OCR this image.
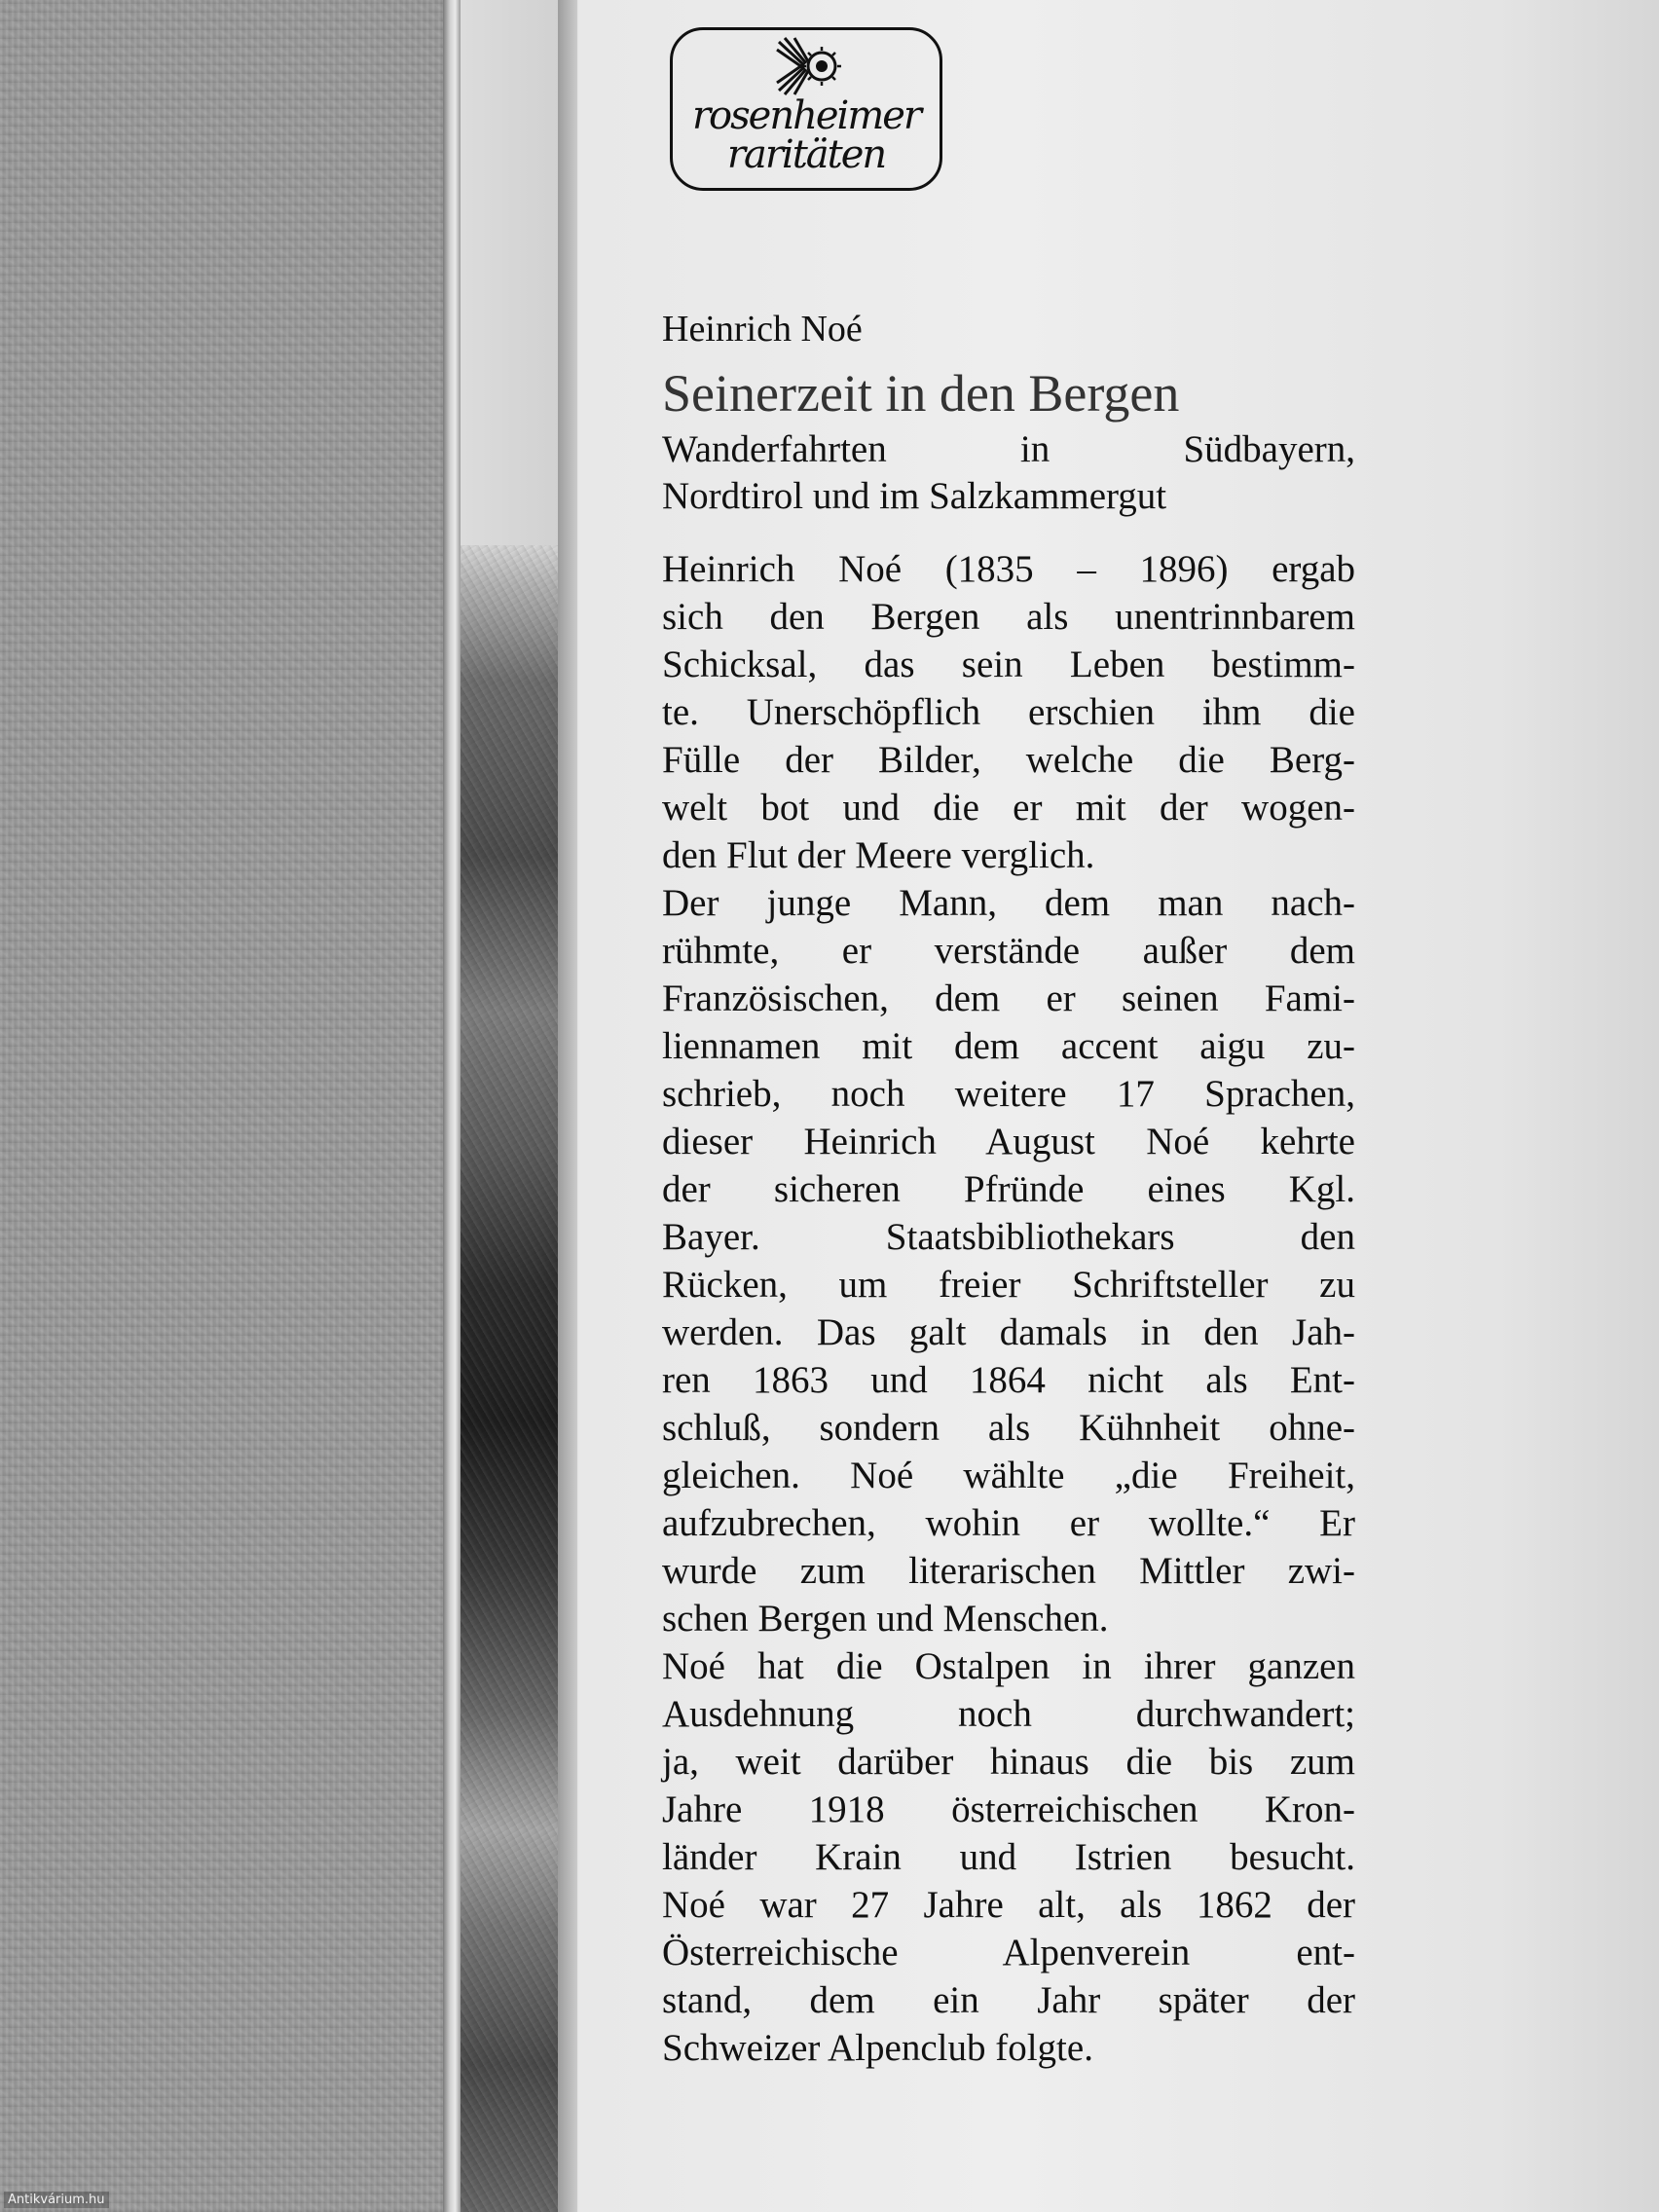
rosenheimer
raritäten

Heinrich Noé

Seinerzeit in den Bergen

Wanderfahrten in Südbayern,
Nordtirol und im Salzkammergut

Heinrich Noé (1835 – 1896) ergab
sich den Bergen als unentrinnbarem
Schicksal, das sein Leben bestimm-
te. Unerschöpflich erschien ihm die
Fülle der Bilder, welche die Berg-
welt bot und die er mit der wogen-
den Flut der Meere verglich.
Der junge Mann, dem man nach-
rühmte, er verstände außer dem
Französischen, dem er seinen Fami-
liennamen mit dem accent aigu zu-
schrieb, noch weitere 17 Sprachen,
dieser Heinrich August Noé kehrte
der sicheren Pfründe eines Kgl.
Bayer. Staatsbibliothekars den
Rücken, um freier Schriftsteller zu
werden. Das galt damals in den Jah-
ren 1863 und 1864 nicht als Ent-
schluß, sondern als Kühnheit ohne-
gleichen. Noé wählte „die Freiheit,
aufzubrechen, wohin er wollte.“ Er
wurde zum literarischen Mittler zwi-
schen Bergen und Menschen.
Noé hat die Ostalpen in ihrer ganzen
Ausdehnung noch durchwandert;
ja, weit darüber hinaus die bis zum
Jahre 1918 österreichischen Kron-
länder Krain und Istrien besucht.
Noé war 27 Jahre alt, als 1862 der
Österreichische Alpenverein ent-
stand, dem ein Jahr später der
Schweizer Alpenclub folgte.
Antikvárium.hu
